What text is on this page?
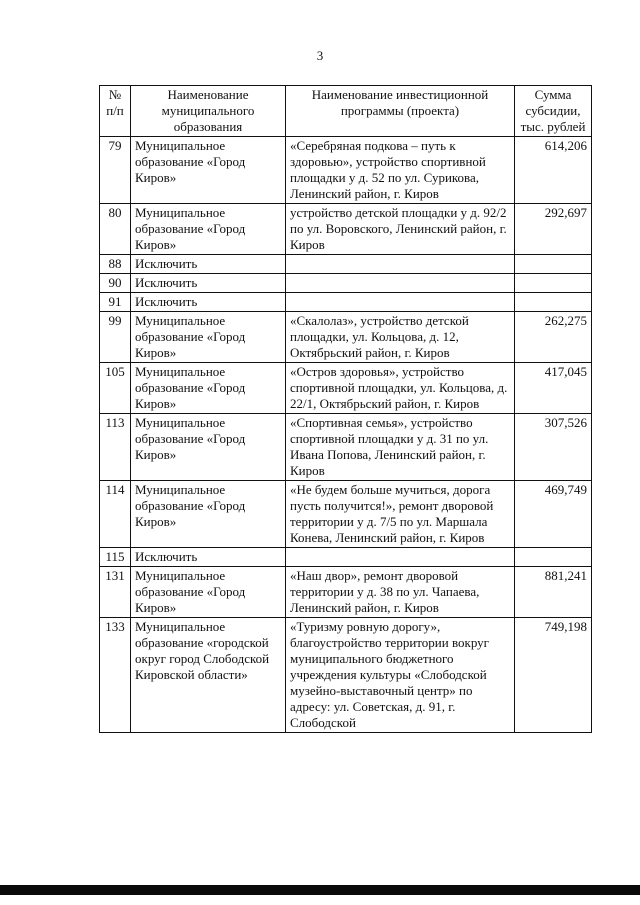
3
№ п/п	Наименование муниципального образования	Наименование инвестиционной программы (проекта)	Сумма субсидии, тыс. рублей
79	Муниципальное образование «Город Киров»	«Серебряная подкова – путь к здоровью», устройство спортивной площадки у д. 52 по ул. Сурикова, Ленинский район, г. Киров	614,206
80	Муниципальное образование «Город Киров»	устройство детской площадки у д. 92/2 по ул. Воровского, Ленинский район, г. Киров	292,697
88	Исключить		
90	Исключить		
91	Исключить		
99	Муниципальное образование «Город Киров»	«Скалолаз», устройство детской площадки, ул. Кольцова, д. 12, Октябрьский район, г. Киров	262,275
105	Муниципальное образование «Город Киров»	«Остров здоровья», устройство спортивной площадки, ул. Кольцова, д. 22/1, Октябрьский район, г. Киров	417,045
113	Муниципальное образование «Город Киров»	«Спортивная семья», устройство спортивной площадки у д. 31 по ул. Ивана Попова, Ленинский район, г. Киров	307,526
114	Муниципальное образование «Город Киров»	«Не будем больше мучиться, дорога пусть получится!», ремонт дворовой территории у д. 7/5 по ул. Маршала Конева, Ленинский район, г. Киров	469,749
115	Исключить		
131	Муниципальное образование «Город Киров»	«Наш двор», ремонт дворовой территории у д. 38 по ул. Чапаева, Ленинский район, г. Киров	881,241
133	Муниципальное образование «городской округ город Слободской Кировской области»	«Туризму ровную дорогу», благоустройство территории вокруг муниципального бюджетного учреждения культуры «Слободской музейно-выставочный центр» по адресу: ул. Советская, д. 91, г. Слободской	749,198
